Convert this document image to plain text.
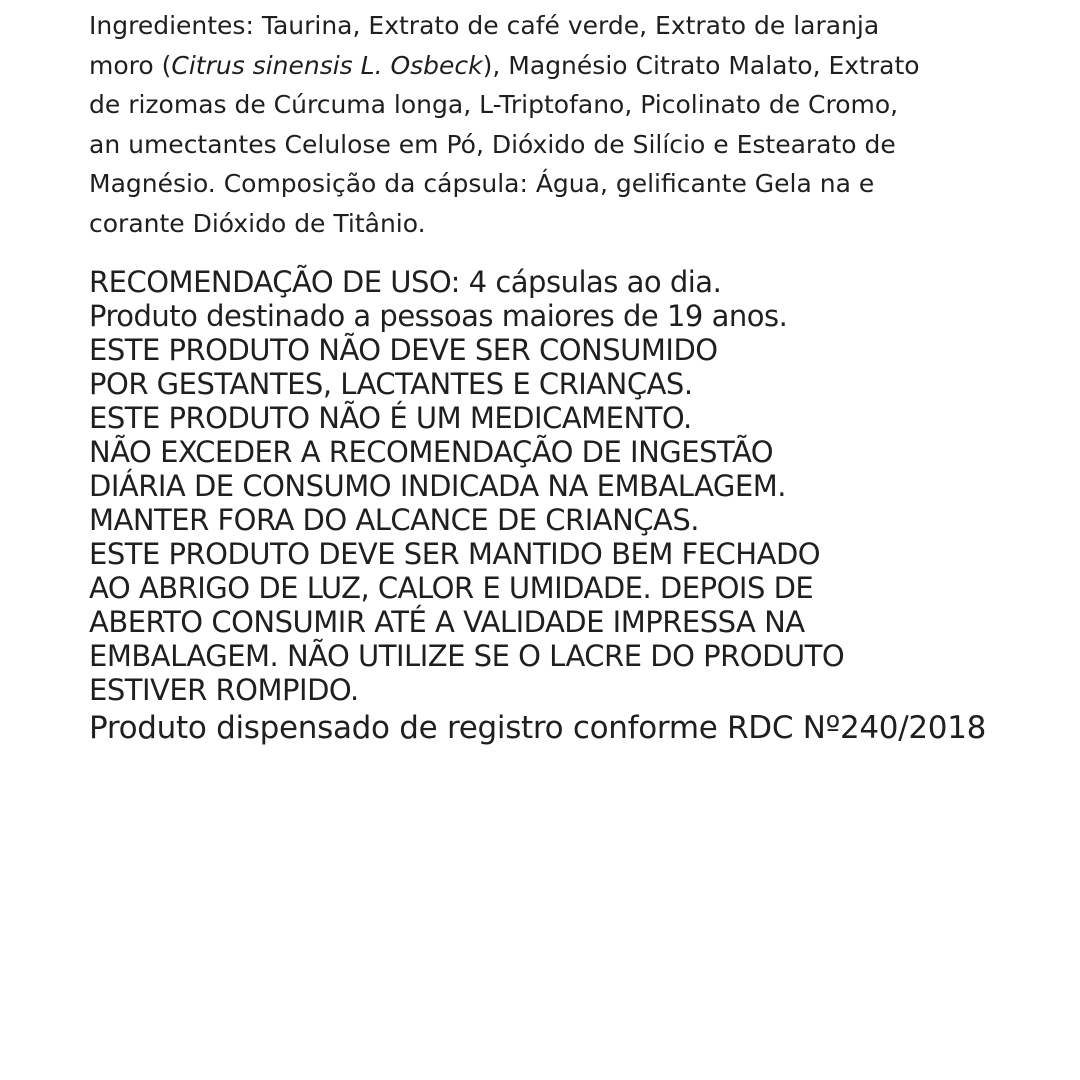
Ingredientes: Taurina, Extrato de café verde, Extrato de laranja
moro (Citrus sinensis L. Osbeck), Magnésio Citrato Malato, Extrato
de rizomas de Cúrcuma longa, L-Triptofano, Picolinato de Cromo,
an umectantes Celulose em Pó, Dióxido de Silício e Estearato de
Magnésio. Composição da cápsula: Água, gelificante Gela na e
corante Dióxido de Titânio.

RECOMENDAÇÃO DE USO: 4 cápsulas ao dia.
Produto destinado a pessoas maiores de 19 anos.
ESTE PRODUTO NÃO DEVE SER CONSUMIDO
POR GESTANTES, LACTANTES E CRIANÇAS.
ESTE PRODUTO NÃO É UM MEDICAMENTO.
NÃO EXCEDER A RECOMENDAÇÃO DE INGESTÃO
DIÁRIA DE CONSUMO INDICADA NA EMBALAGEM.
MANTER FORA DO ALCANCE DE CRIANÇAS.
ESTE PRODUTO DEVE SER MANTIDO BEM FECHADO
AO ABRIGO DE LUZ, CALOR E UMIDADE. DEPOIS DE
ABERTO CONSUMIR ATÉ A VALIDADE IMPRESSA NA
EMBALAGEM. NÃO UTILIZE SE O LACRE DO PRODUTO
ESTIVER ROMPIDO.
Produto dispensado de registro conforme RDC Nº240/2018
